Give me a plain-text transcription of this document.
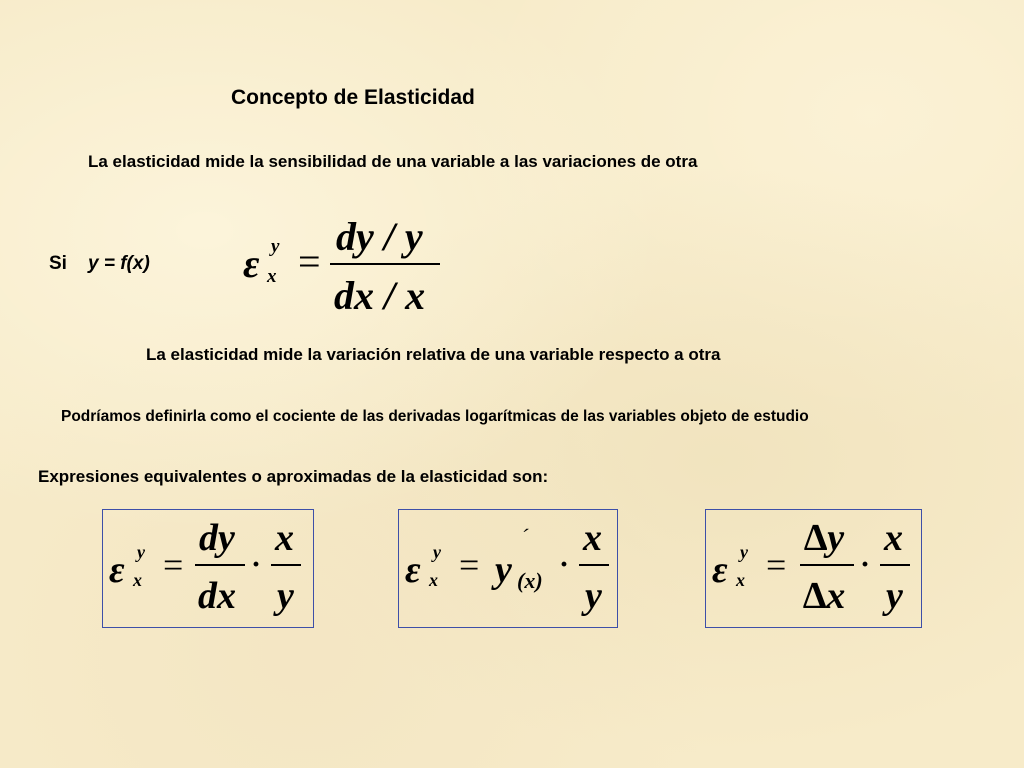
Concepto de Elasticidad
La elasticidad mide la sensibilidad de una variable a las variaciones de otra
Si y = f(x) ε y
x =
dy / y
dx / x
La elasticidad mide la variación relativa de una variable respecto a otra
Podríamos definirla como el cociente de las derivadas logarítmicas de las variables objeto de estudio
Expresiones equivalentes o aproximadas de la elasticidad son:
ε y
x =
dy
dx
·
x
y
ε y
x = y
´
(x) ·
x
y
ε y
x =
∆y
∆x
·
x
y
